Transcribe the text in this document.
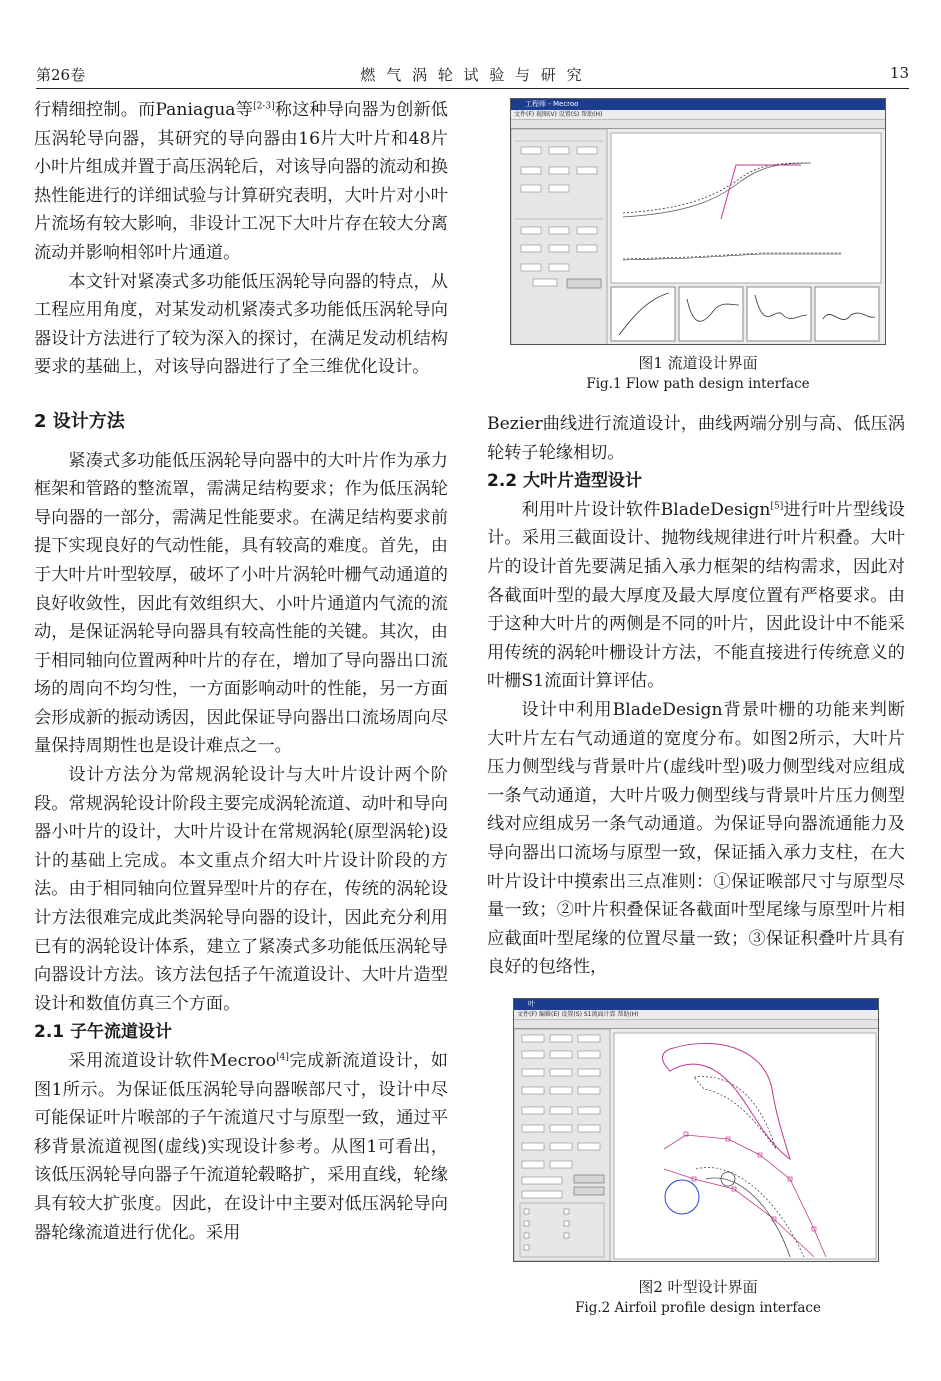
第26卷	燃 气 涡 轮 试 验 与 研 究	13

行精细控制。而Paniagua等[2-3]称这种导向器为创新低压涡轮导向器，其研究的导向器由16片大叶片和48片小叶片组成并置于高压涡轮后，对该导向器的流动和换热性能进行的详细试验与计算研究表明，大叶片对小叶片流场有较大影响，非设计工况下大叶片存在较大分离流动并影响相邻叶片通道。

本文针对紧凑式多功能低压涡轮导向器的特点，从工程应用角度，对某发动机紧凑式多功能低压涡轮导向器设计方法进行了较为深入的探讨，在满足发动机结构要求的基础上，对该导向器进行了全三维优化设计。

2 设计方法

紧凑式多功能低压涡轮导向器中的大叶片作为承力框架和管路的整流罩，需满足结构要求；作为低压涡轮导向器的一部分，需满足性能要求。在满足结构要求前提下实现良好的气动性能，具有较高的难度。首先，由于大叶片叶型较厚，破坏了小叶片涡轮叶栅气动通道的良好收敛性，因此有效组织大、小叶片通道内气流的流动，是保证涡轮导向器具有较高性能的关键。其次，由于相同轴向位置两种叶片的存在，增加了导向器出口流场的周向不均匀性，一方面影响动叶的性能，另一方面会形成新的振动诱因，因此保证导向器出口流场周向尽量保持周期性也是设计难点之一。

设计方法分为常规涡轮设计与大叶片设计两个阶段。常规涡轮设计阶段主要完成涡轮流道、动叶和导向器小叶片的设计，大叶片设计在常规涡轮(原型涡轮)设计的基础上完成。本文重点介绍大叶片设计阶段的方法。由于相同轴向位置异型叶片的存在，传统的涡轮设计方法很难完成此类涡轮导向器的设计，因此充分利用已有的涡轮设计体系，建立了紧凑式多功能低压涡轮导向器设计方法。该方法包括子午流道设计、大叶片造型设计和数值仿真三个方面。

2.1 子午流道设计

采用流道设计软件Mecroo[4]完成新流道设计，如图1所示。为保证低压涡轮导向器喉部尺寸，设计中尽可能保证叶片喉部的子午流道尺寸与原型一致，通过平移背景流道视图(虚线)实现设计参考。从图1可看出，该低压涡轮导向器子午流道轮毂略扩，采用直线，轮缘具有较大扩张度。因此，在设计中主要对低压涡轮导向器轮缘流道进行优化。采用

工程师 - Mecroo
文件(F) 视图(V) 设置(S) 帮助(H)
图1 流道设计界面
Fig.1 Flow path design interface

Bezier曲线进行流道设计，曲线两端分别与高、低压涡轮转子轮缘相切。

2.2 大叶片造型设计

利用叶片设计软件BladeDesign[5]进行叶片型线设计。采用三截面设计、抛物线规律进行叶片积叠。大叶片的设计首先要满足插入承力框架的结构需求，因此对各截面叶型的最大厚度及最大厚度位置有严格要求。由于这种大叶片的两侧是不同的叶片，因此设计中不能采用传统的涡轮叶栅设计方法，不能直接进行传统意义的叶栅S1流面计算评估。

设计中利用BladeDesign背景叶栅的功能来判断大叶片左右气动通道的宽度分布。如图2所示，大叶片压力侧型线与背景叶片(虚线叶型)吸力侧型线对应组成一条气动通道，大叶片吸力侧型线与背景叶片压力侧型线对应组成另一条气动通道。为保证导向器流通能力及导向器出口流场与原型一致，保证插入承力支柱，在大叶片设计中摸索出三点准则：①保证喉部尺寸与原型尽量一致；②叶片积叠保证各截面叶型尾缘与原型叶片相应截面叶型尾缘的位置尽量一致；③保证积叠叶片具有良好的包络性，

叶
文件(F) 编辑(E) 设置(S) S1流面计算 帮助(H)
图2 叶型设计界面
Fig.2 Airfoil profile design interface
